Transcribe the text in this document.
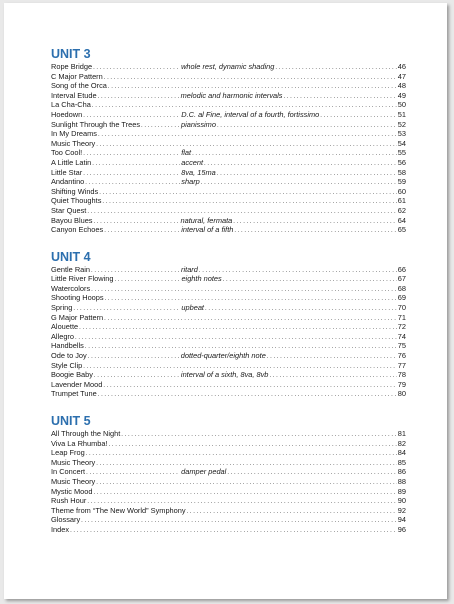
UNIT 3
Rope Bridge . . .	whole rest, dynamic shading . . .	46
C Major Pattern . . .	47
Song of the Orca . . .	48
Interval Etude . . .	melodic and harmonic intervals . . .	49
La Cha-Cha . . .	50
Hoedown . . .	D.C. al Fine, interval of a fourth, fortissimo . . .	51
Sunlight Through the Trees . . .	pianissimo . . .	52
In My Dreams . . .	53
Music Theory . . .	54
Too Cool! . . .	flat . . .	55
A Little Latin . . .	accent . . .	56
Little Star . . .	8va, 15ma . . .	58
Andantino . . .	sharp . . .	59
Shifting Winds . . .	60
Quiet Thoughts . . .	61
Star Quest . . .	62
Bayou Blues . . .	natural, fermata . . .	64
Canyon Echoes . . .	interval of a fifth . . .	65
UNIT 4
Gentle Rain . . .	ritard . . .	66
Little River Flowing . . .	eighth notes . . .	67
Watercolors . . .	68
Shooting Hoops . . .	69
Spring . . .	upbeat . . .	70
G Major Pattern . . .	71
Alouette . . .	72
Allegro . . .	74
Handbells . . .	75
Ode to Joy . . .	dotted-quarter/eighth note . . .	76
Style Clip . . .	77
Boogie Baby . . .	interval of a sixth, 8va, 8vb . . .	78
Lavender Mood . . .	79
Trumpet Tune . . .	80
UNIT 5
All Through the Night . . .	81
Viva La Rhumba! . . .	82
Leap Frog . . .	84
Music Theory . . .	85
In Concert . . .	damper pedal . . .	86
Music Theory . . .	88
Mystic Mood . . .	89
Rush Hour . . .	90
Theme from “The New World” Symphony . . .	92
Glossary . . .	94
Index . . .	96
